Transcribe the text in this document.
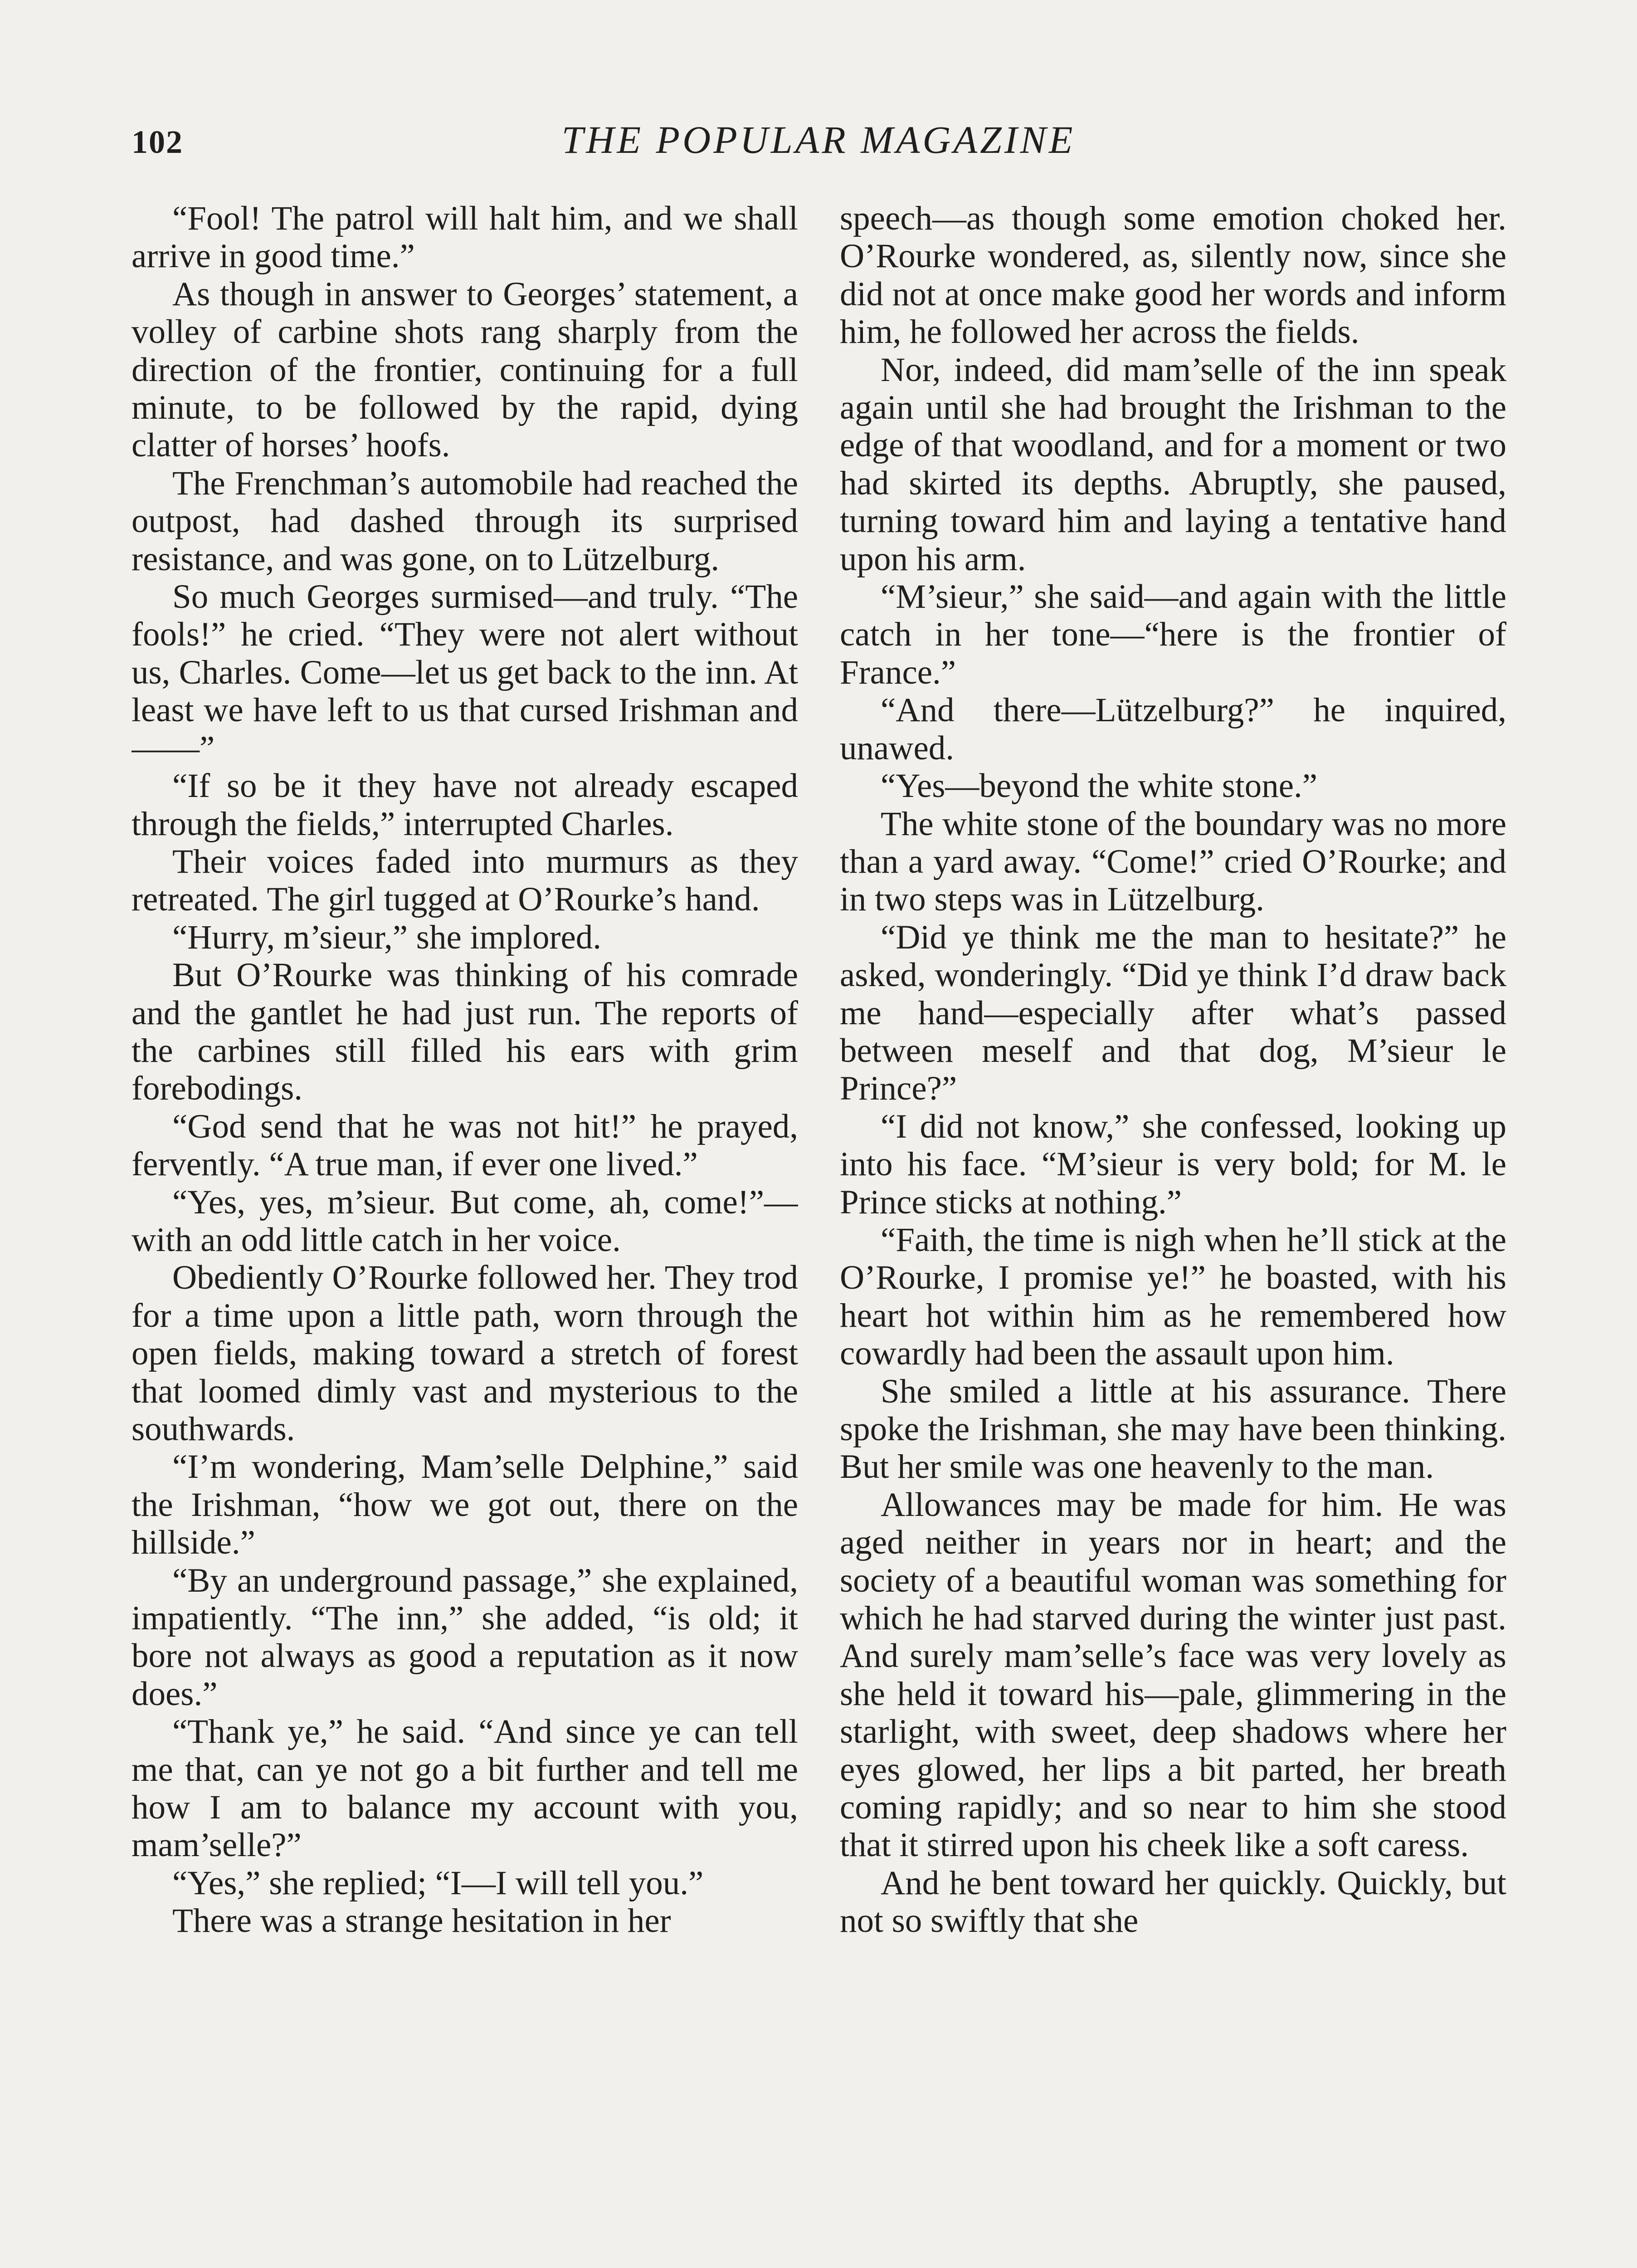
102	THE POPULAR MAGAZINE

“Fool! The patrol will halt him, and we shall arrive in good time.”

As though in answer to Georges’ statement, a volley of carbine shots rang sharply from the direction of the frontier, continuing for a full minute, to be followed by the rapid, dying clatter of horses’ hoofs.

The Frenchman’s automobile had reached the outpost, had dashed through its surprised resistance, and was gone, on to Lützelburg.

So much Georges surmised—and truly. “The fools!” he cried. “They were not alert without us, Charles. Come—let us get back to the inn. At least we have left to us that cursed Irishman and——”

“If so be it they have not already escaped through the fields,” interrupted Charles.

Their voices faded into murmurs as they retreated. The girl tugged at O’Rourke’s hand.

“Hurry, m’sieur,” she implored.

But O’Rourke was thinking of his comrade and the gantlet he had just run. The reports of the carbines still filled his ears with grim forebodings.

“God send that he was not hit!” he prayed, fervently. “A true man, if ever one lived.”

“Yes, yes, m’sieur. But come, ah, come!”—with an odd little catch in her voice.

Obediently O’Rourke followed her. They trod for a time upon a little path, worn through the open fields, making toward a stretch of forest that loomed dimly vast and mysterious to the southwards.

“I’m wondering, Mam’selle Delphine,” said the Irishman, “how we got out, there on the hillside.”

“By an underground passage,” she explained, impatiently. “The inn,” she added, “is old; it bore not always as good a reputation as it now does.”

“Thank ye,” he said. “And since ye can tell me that, can ye not go a bit further and tell me how I am to balance my account with you, mam’selle?”

“Yes,” she replied; “I—I will tell you.”

There was a strange hesitation in her

speech—as though some emotion choked her. O’Rourke wondered, as, silently now, since she did not at once make good her words and inform him, he followed her across the fields.

Nor, indeed, did mam’selle of the inn speak again until she had brought the Irishman to the edge of that woodland, and for a moment or two had skirted its depths. Abruptly, she paused, turning toward him and laying a tentative hand upon his arm.

“M’sieur,” she said—and again with the little catch in her tone—“here is the frontier of France.”

“And there—Lützelburg?” he inquired, unawed.

“Yes—beyond the white stone.”

The white stone of the boundary was no more than a yard away. “Come!” cried O’Rourke; and in two steps was in Lützelburg.

“Did ye think me the man to hesitate?” he asked, wonderingly. “Did ye think I’d draw back me hand—especially after what’s passed between meself and that dog, M’sieur le Prince?”

“I did not know,” she confessed, looking up into his face. “M’sieur is very bold; for M. le Prince sticks at nothing.”

“Faith, the time is nigh when he’ll stick at the O’Rourke, I promise ye!” he boasted, with his heart hot within him as he remembered how cowardly had been the assault upon him.

She smiled a little at his assurance. There spoke the Irishman, she may have been thinking. But her smile was one heavenly to the man.

Allowances may be made for him. He was aged neither in years nor in heart; and the society of a beautiful woman was something for which he had starved during the winter just past. And surely mam’selle’s face was very lovely as she held it toward his—pale, glimmering in the starlight, with sweet, deep shadows where her eyes glowed, her lips a bit parted, her breath coming rapidly; and so near to him she stood that it stirred upon his cheek like a soft caress.

And he bent toward her quickly. Quickly, but not so swiftly that she
